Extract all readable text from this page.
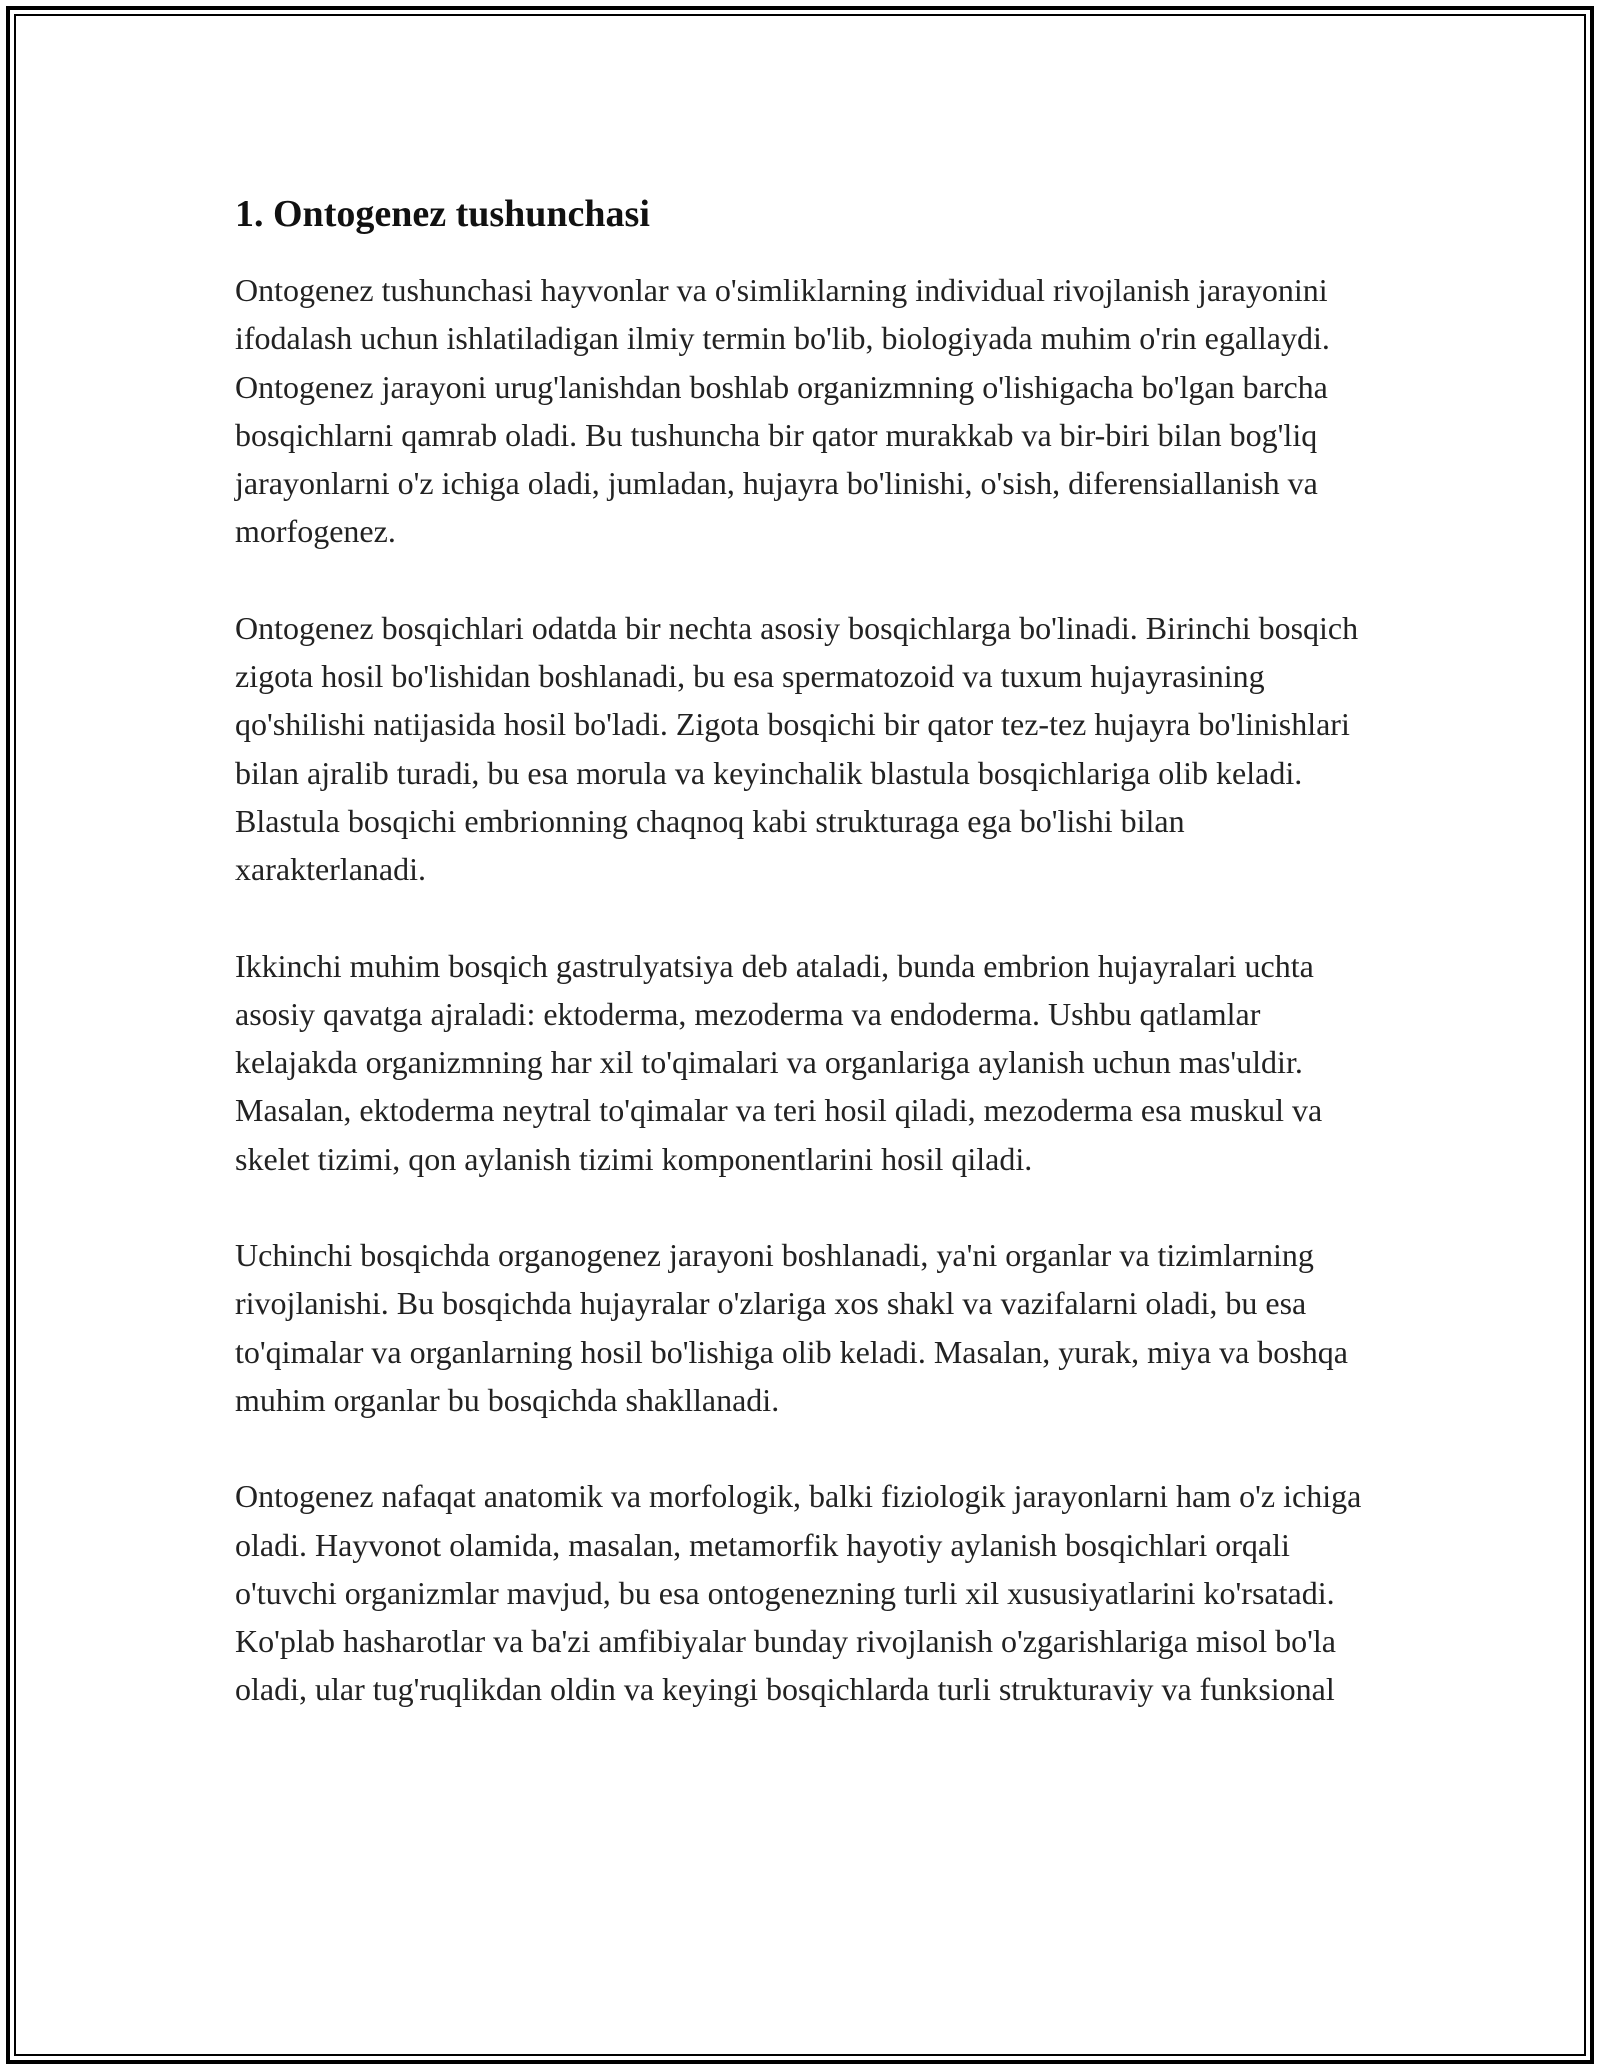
1. Ontogenez tushunchasi

Ontogenez tushunchasi hayvonlar va o'simliklarning individual rivojlanish jarayonini ifodalash uchun ishlatiladigan ilmiy termin bo'lib, biologiyada muhim o'rin egallaydi. Ontogenez jarayoni urug'lanishdan boshlab organizmning o'lishigacha bo'lgan barcha bosqichlarni qamrab oladi. Bu tushuncha bir qator murakkab va bir-biri bilan bog'liq jarayonlarni o'z ichiga oladi, jumladan, hujayra bo'linishi, o'sish, diferensiallanish va morfogenez.

Ontogenez bosqichlari odatda bir nechta asosiy bosqichlarga bo'linadi. Birinchi bosqich zigota hosil bo'lishidan boshlanadi, bu esa spermatozoid va tuxum hujayrasining qo'shilishi natijasida hosil bo'ladi. Zigota bosqichi bir qator tez-tez hujayra bo'linishlari bilan ajralib turadi, bu esa morula va keyinchalik blastula bosqichlariga olib keladi. Blastula bosqichi embrionning chaqnoq kabi strukturaga ega bo'lishi bilan xarakterlanadi.

Ikkinchi muhim bosqich gastrulyatsiya deb ataladi, bunda embrion hujayralari uchta asosiy qavatga ajraladi: ektoderma, mezoderma va endoderma. Ushbu qatlamlar kelajakda organizmning har xil to'qimalari va organlariga aylanish uchun mas'uldir. Masalan, ektoderma neytral to'qimalar va teri hosil qiladi, mezoderma esa muskul va skelet tizimi, qon aylanish tizimi komponentlarini hosil qiladi.

Uchinchi bosqichda organogenez jarayoni boshlanadi, ya'ni organlar va tizimlarning rivojlanishi. Bu bosqichda hujayralar o'zlariga xos shakl va vazifalarni oladi, bu esa to'qimalar va organlarning hosil bo'lishiga olib keladi. Masalan, yurak, miya va boshqa muhim organlar bu bosqichda shakllanadi.

Ontogenez nafaqat anatomik va morfologik, balki fiziologik jarayonlarni ham o'z ichiga oladi. Hayvonot olamida, masalan, metamorfik hayotiy aylanish bosqichlari orqali o'tuvchi organizmlar mavjud, bu esa ontogenezning turli xil xususiyatlarini ko'rsatadi. Ko'plab hasharotlar va ba'zi amfibiyalar bunday rivojlanish o'zgarishlariga misol bo'la oladi, ular tug'ruqlikdan oldin va keyingi bosqichlarda turli strukturaviy va funksional
